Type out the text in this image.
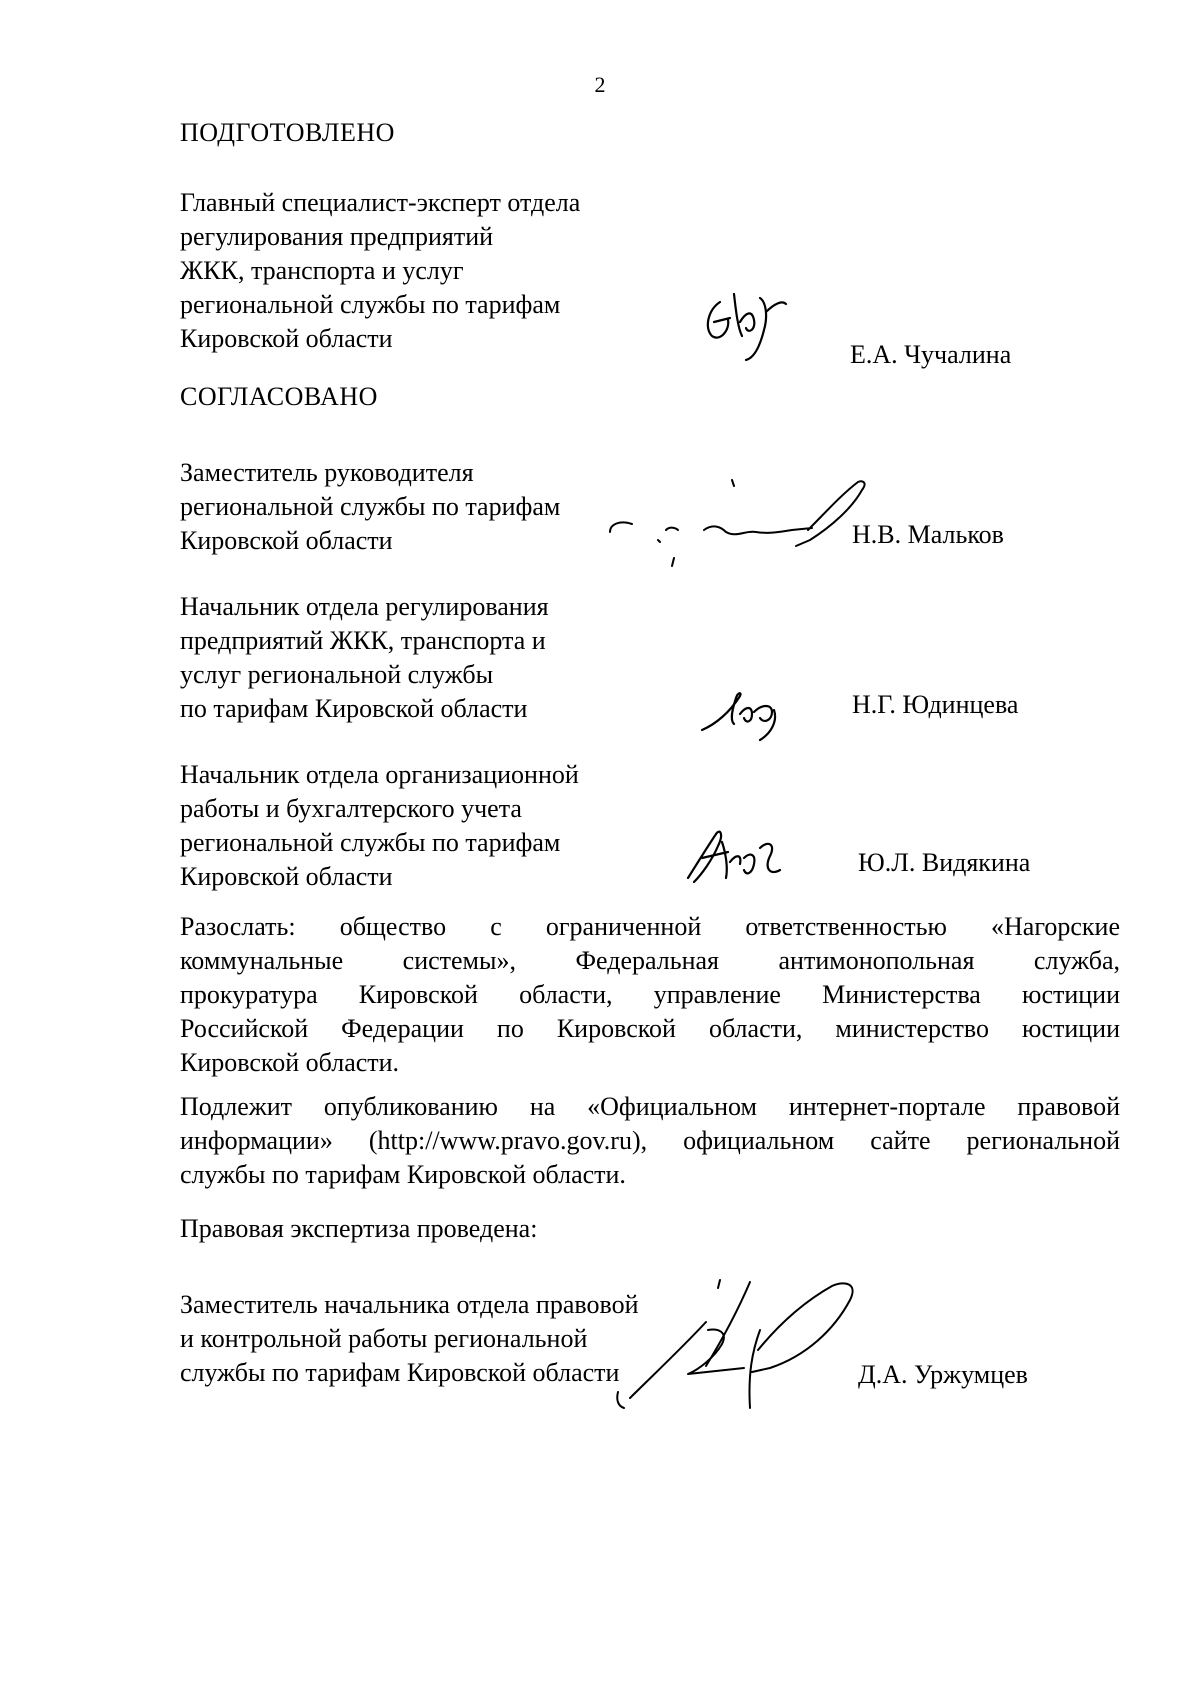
2
ПОДГОТОВЛЕНО
Главный специалист-эксперт отдела
регулирования предприятий
ЖКК, транспорта и услуг
региональной службы по тарифам
Кировской области
Е.А. Чучалина
СОГЛАСОВАНО
Заместитель руководителя
региональной службы по тарифам
Кировской области	Н.В. Мальков
Начальник отдела регулирования
предприятий ЖКК, транспорта и
услуг региональной службы
по тарифам Кировской области	Н.Г. Юдинцева
Начальник отдела организационной
работы и бухгалтерского учета
региональной службы по тарифам
Кировской области	Ю.Л. Видякина
Разослать: общество с ограниченной ответственностью «Нагорские
коммунальные системы», Федеральная антимонопольная служба,
прокуратура Кировской области, управление Министерства юстиции
Российской Федерации по Кировской области, министерство юстиции
Кировской области.
Подлежит опубликованию на «Официальном интернет-портале правовой
информации» (http://www.pravo.gov.ru), официальном сайте региональной
службы по тарифам Кировской области.
Правовая экспертиза проведена:
Заместитель начальника отдела правовой
и контрольной работы региональной
службы по тарифам Кировской области	Д.А. Уржумцев
